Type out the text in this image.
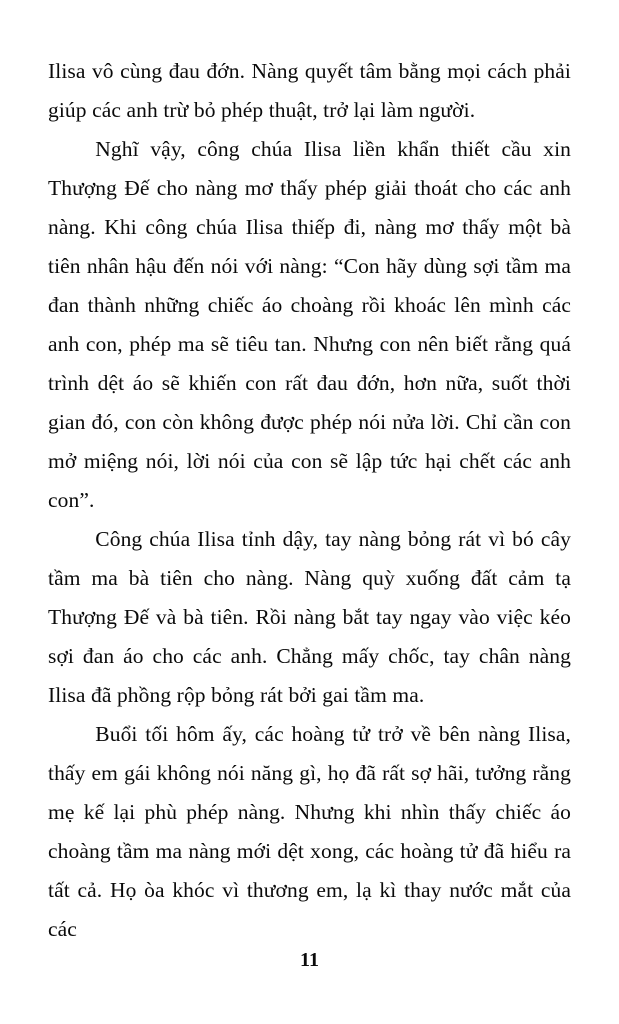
Ilisa vô cùng đau đớn. Nàng quyết tâm bằng mọi cách phải giúp các anh trừ bỏ phép thuật, trở lại làm người.

Nghĩ vậy, công chúa Ilisa liền khẩn thiết cầu xin Thượng Đế cho nàng mơ thấy phép giải thoát cho các anh nàng. Khi công chúa Ilisa thiếp đi, nàng mơ thấy một bà tiên nhân hậu đến nói với nàng: “Con hãy dùng sợi tầm ma đan thành những chiếc áo choàng rồi khoác lên mình các anh con, phép ma sẽ tiêu tan. Nhưng con nên biết rằng quá trình dệt áo sẽ khiến con rất đau đớn, hơn nữa, suốt thời gian đó, con còn không được phép nói nửa lời. Chỉ cần con mở miệng nói, lời nói của con sẽ lập tức hại chết các anh con”.

Công chúa Ilisa tỉnh dậy, tay nàng bỏng rát vì bó cây tầm ma bà tiên cho nàng. Nàng quỳ xuống đất cảm tạ Thượng Đế và bà tiên. Rồi nàng bắt tay ngay vào việc kéo sợi đan áo cho các anh. Chẳng mấy chốc, tay chân nàng Ilisa đã phồng rộp bỏng rát bởi gai tầm ma.

Buổi tối hôm ấy, các hoàng tử trở về bên nàng Ilisa, thấy em gái không nói năng gì, họ đã rất sợ hãi, tưởng rằng mẹ kế lại phù phép nàng. Nhưng khi nhìn thấy chiếc áo choàng tầm ma nàng mới dệt xong, các hoàng tử đã hiểu ra tất cả. Họ òa khóc vì thương em, lạ kì thay nước mắt của các

11
